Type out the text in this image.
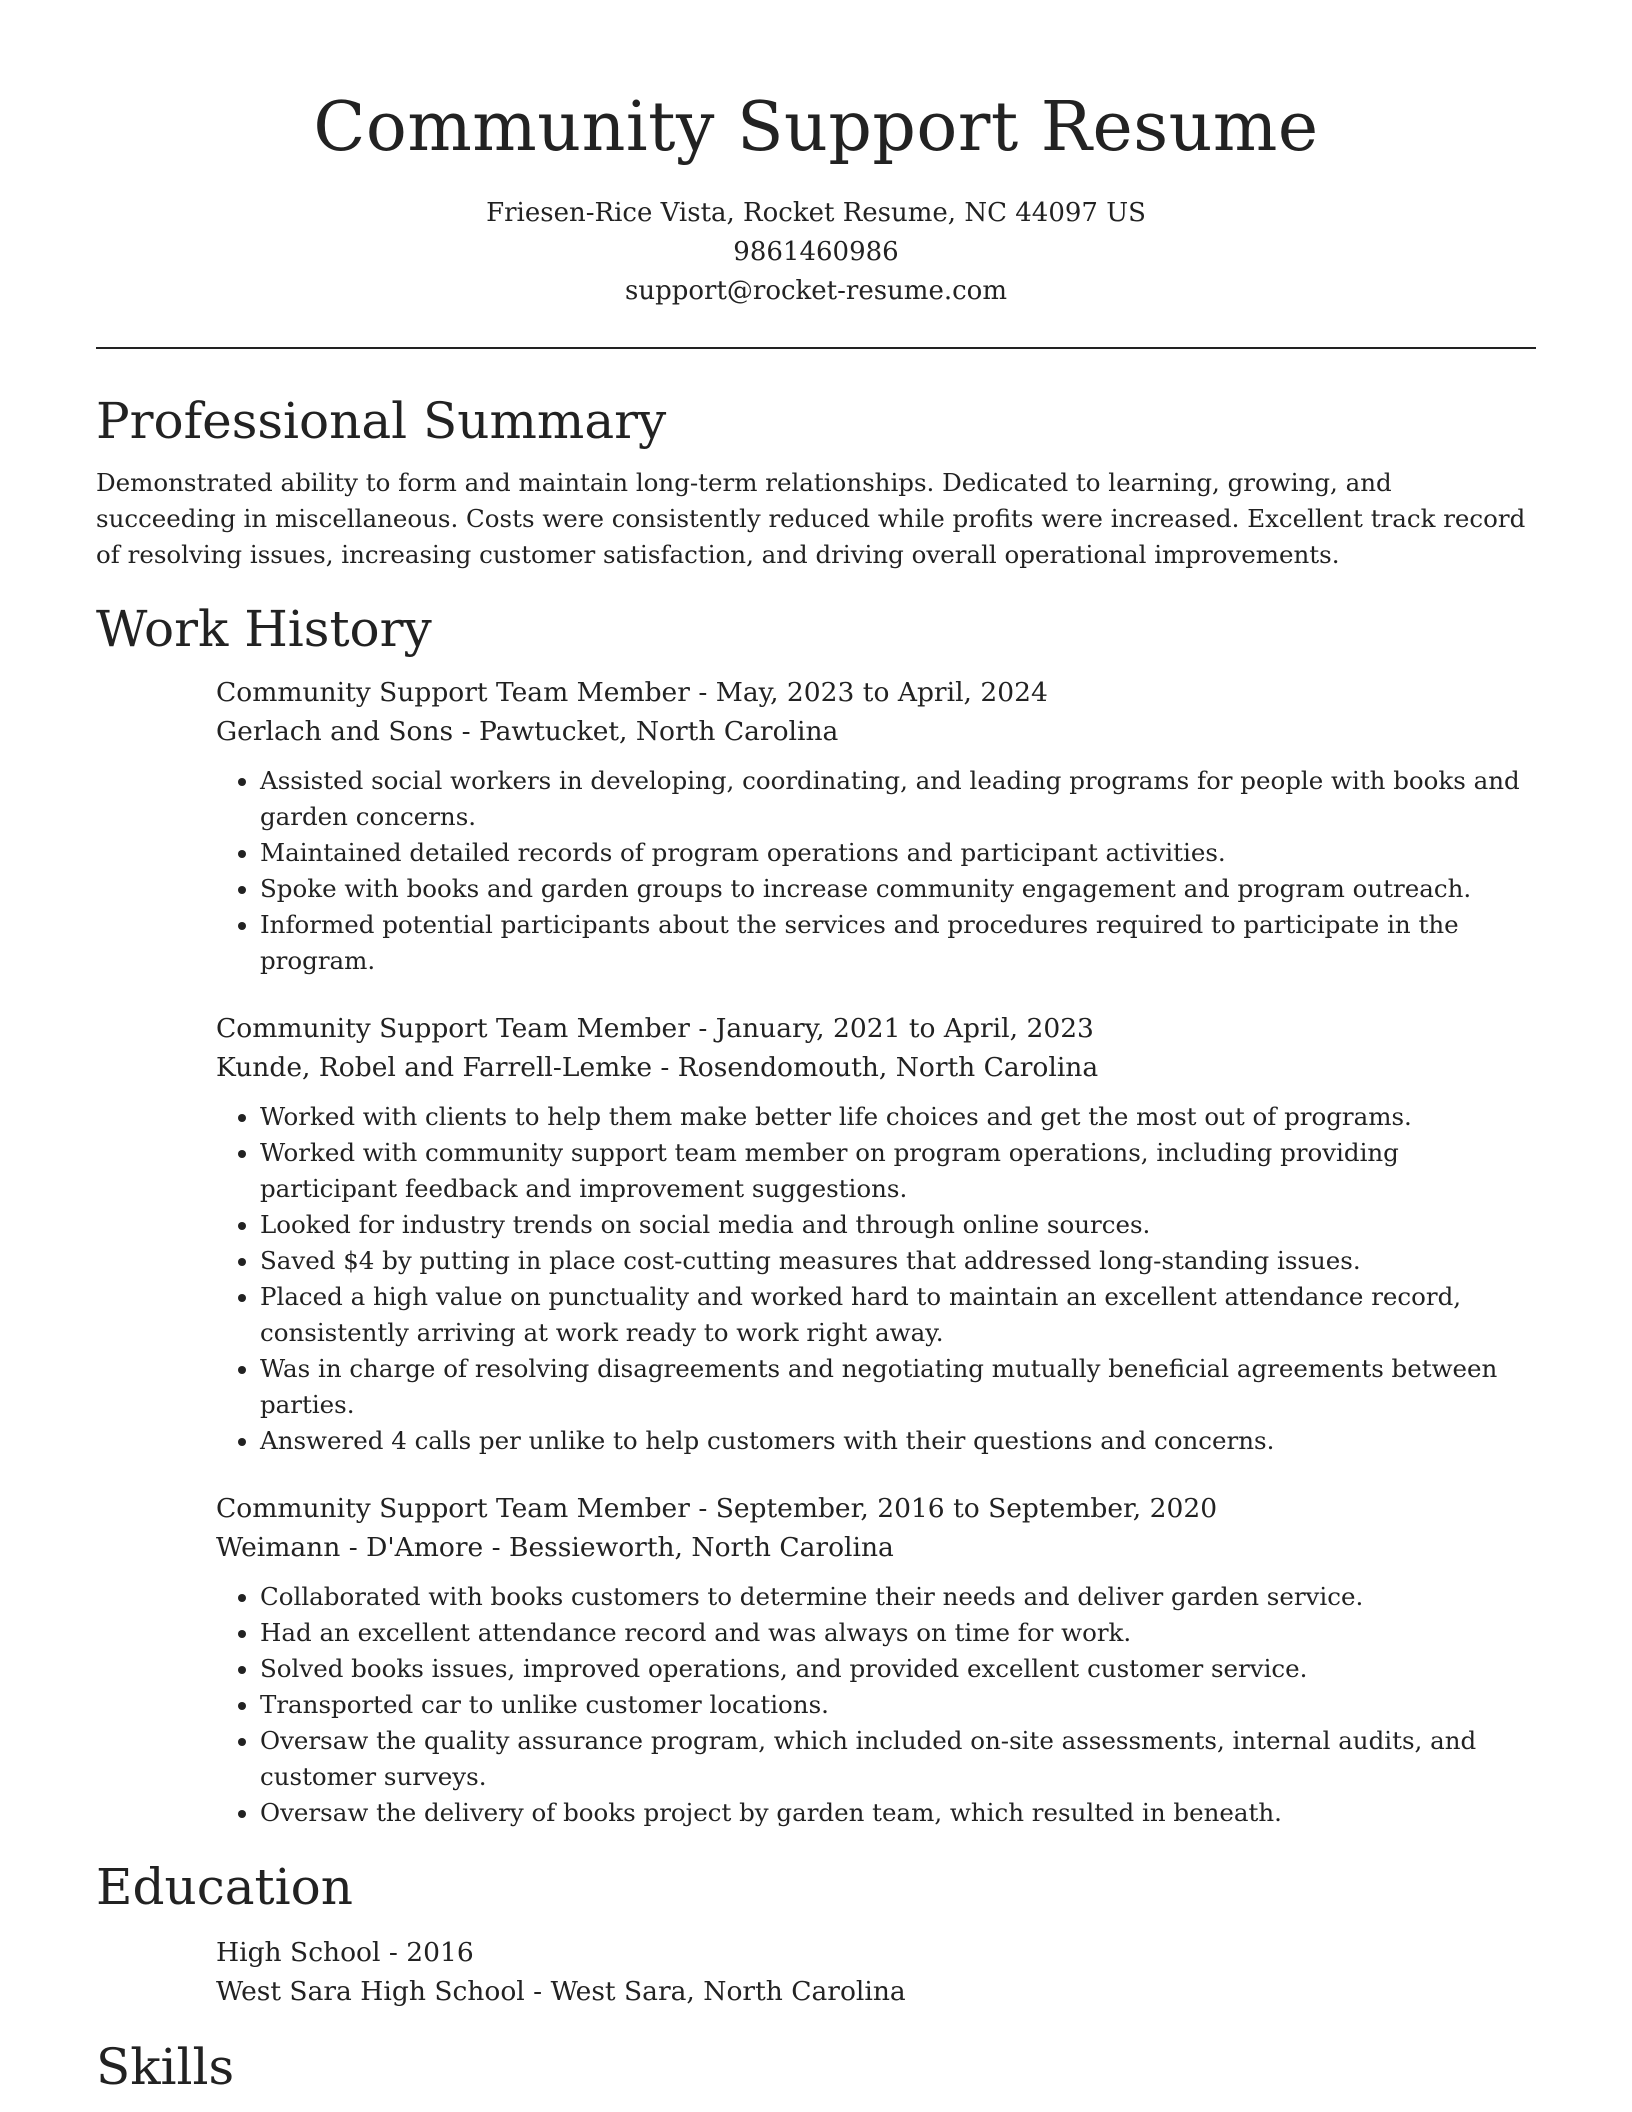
Community Support Resume
Friesen-Rice Vista, Rocket Resume, NC 44097 US
9861460986
support@rocket-resume.com
Professional Summary

Demonstrated ability to form and maintain long-term relationships. Dedicated to learning, growing, and succeeding in miscellaneous. Costs were consistently reduced while profits were increased. Excellent track record of resolving issues, increasing customer satisfaction, and driving overall operational improvements.

Work History
Community Support Team Member - May, 2023 to April, 2024
Gerlach and Sons - Pawtucket, North Carolina
• Assisted social workers in developing, coordinating, and leading programs for people with books and garden concerns.
• Maintained detailed records of program operations and participant activities.
• Spoke with books and garden groups to increase community engagement and program outreach.
• Informed potential participants about the services and procedures required to participate in the program.
Community Support Team Member - January, 2021 to April, 2023
Kunde, Robel and Farrell-Lemke - Rosendomouth, North Carolina
• Worked with clients to help them make better life choices and get the most out of programs.
• Worked with community support team member on program operations, including providing participant feedback and improvement suggestions.
• Looked for industry trends on social media and through online sources.
• Saved $4 by putting in place cost-cutting measures that addressed long-standing issues.
• Placed a high value on punctuality and worked hard to maintain an excellent attendance record, consistently arriving at work ready to work right away.
• Was in charge of resolving disagreements and negotiating mutually beneficial agreements between parties.
• Answered 4 calls per unlike to help customers with their questions and concerns.
Community Support Team Member - September, 2016 to September, 2020
Weimann - D'Amore - Bessieworth, North Carolina
• Collaborated with books customers to determine their needs and deliver garden service.
• Had an excellent attendance record and was always on time for work.
• Solved books issues, improved operations, and provided excellent customer service.
• Transported car to unlike customer locations.
• Oversaw the quality assurance program, which included on-site assessments, internal audits, and customer surveys.
• Oversaw the delivery of books project by garden team, which resulted in beneath.
Education
High School - 2016
West Sara High School - West Sara, North Carolina
Skills
